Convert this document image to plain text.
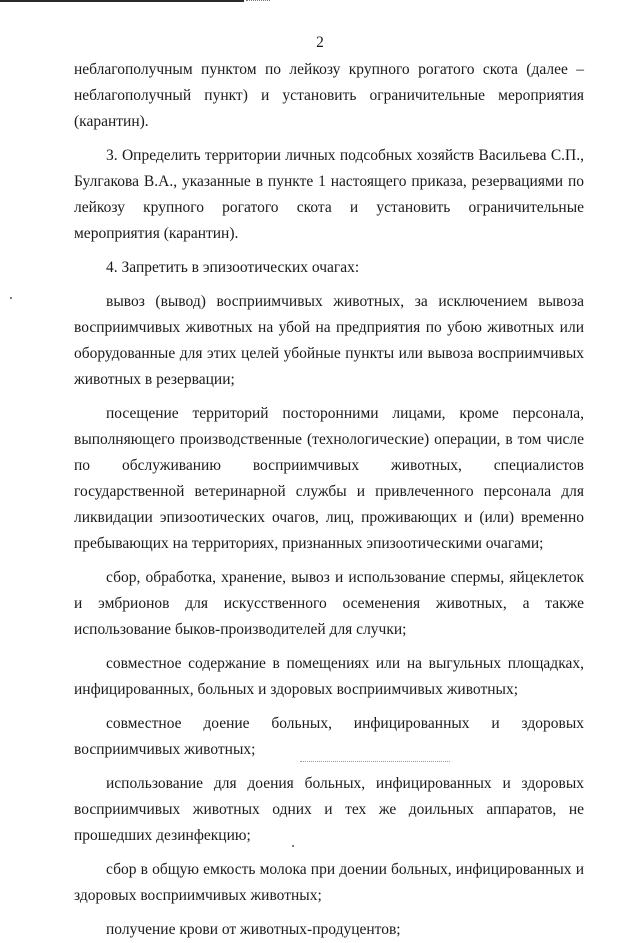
2

неблагополучным пунктом по лейкозу крупного рогатого скота (далее – неблагополучный пункт) и установить ограничительные мероприятия (карантин).

3. Определить территории личных подсобных хозяйств Васильева С.П., Булгакова В.А., указанные в пункте 1 настоящего приказа, резервациями по лейкозу крупного рогатого скота и установить ограничительные мероприятия (карантин).

4. Запретить в эпизоотических очагах:

вывоз (вывод) восприимчивых животных, за исключением вывоза восприимчивых животных на убой на предприятия по убою животных или оборудованные для этих целей убойные пункты или вывоза восприимчивых животных в резервации;

посещение территорий посторонними лицами, кроме персонала, выполняющего производственные (технологические) операции, в том числе по обслуживанию восприимчивых животных, специалистов государственной ветеринарной службы и привлеченного персонала для ликвидации эпизоотических очагов, лиц, проживающих и (или) временно пребывающих на территориях, признанных эпизоотическими очагами;

сбор, обработка, хранение, вывоз и использование спермы, яйцеклеток и эмбрионов для искусственного осеменения животных, а также использование быков-производителей для случки;

совместное содержание в помещениях или на выгульных площадках, инфицированных, больных и здоровых восприимчивых животных;

совместное доение больных, инфицированных и здоровых восприимчивых животных;

использование для доения больных, инфицированных и здоровых восприимчивых животных одних и тех же доильных аппаратов, не прошедших дезинфекцию;

сбор в общую емкость молока при доении больных, инфицированных и здоровых восприимчивых животных;

получение крови от животных-продуцентов;
